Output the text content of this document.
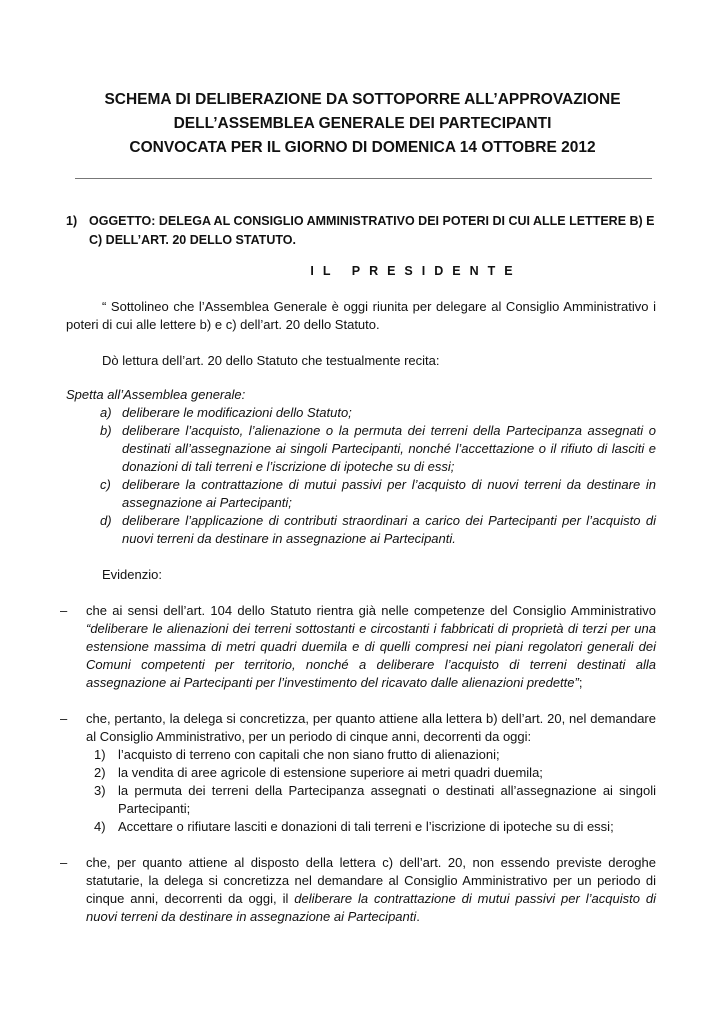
SCHEMA DI DELIBERAZIONE DA SOTTOPORRE ALL’APPROVAZIONE
DELL’ASSEMBLEA GENERALE DEI PARTECIPANTI
CONVOCATA PER IL GIORNO DI DOMENICA 14 OTTOBRE 2012
1) OGGETTO: DELEGA AL CONSIGLIO AMMINISTRATIVO DEI POTERI DI CUI ALLE LETTERE B) E C) DELL’ART. 20 DELLO STATUTO.
IL PRESIDENTE

“ Sottolineo che l’Assemblea Generale è oggi riunita per delegare al Consiglio Amministrativo i poteri di cui alle lettere b) e c) dell’art. 20 dello Statuto.

Dò lettura dell’art. 20 dello Statuto che testualmente recita:

Spetta all’Assemblea generale:

a) deliberare le modificazioni dello Statuto;
b) deliberare l’acquisto, l’alienazione o la permuta dei terreni della Partecipanza assegnati o destinati all’assegnazione ai singoli Partecipanti, nonché l’accettazione o il rifiuto di lasciti e donazioni di tali terreni e l’iscrizione di ipoteche su di essi;
c) deliberare la contrattazione di mutui passivi per l’acquisto di nuovi terreni da destinare in assegnazione ai Partecipanti;
d) deliberare l’applicazione di contributi straordinari a carico dei Partecipanti per l’acquisto di nuovi terreni da destinare in assegnazione ai Partecipanti.

Evidenzio:

–	che ai sensi dell’art. 104 dello Statuto rientra già nelle competenze del Consiglio Amministrativo “deliberare le alienazioni dei terreni sottostanti e circostanti i fabbricati di proprietà di terzi per una estensione massima di metri quadri duemila e di quelli compresi nei piani regolatori generali dei Comuni competenti per territorio, nonché a deliberare l’acquisto di terreni destinati alla assegnazione ai Partecipanti per l’investimento del ricavato dalle alienazioni predette”;
–	che, pertanto, la delega si concretizza, per quanto attiene alla lettera b) dell’art. 20, nel demandare al Consiglio Amministrativo, per un periodo di cinque anni, decorrenti da oggi:
1) l’acquisto di terreno con capitali che non siano frutto di alienazioni;
2) la vendita di aree agricole di estensione superiore ai metri quadri duemila;
3) la permuta dei terreni della Partecipanza assegnati o destinati all’assegnazione ai singoli Partecipanti;
4) Accettare o rifiutare lasciti e donazioni di tali terreni e l’iscrizione di ipoteche su di essi;
–	che, per quanto attiene al disposto della lettera c) dell’art. 20, non essendo previste deroghe statutarie, la delega si concretizza nel demandare al Consiglio Amministrativo per un periodo di cinque anni, decorrenti da oggi, il deliberare la contrattazione di mutui passivi per l’acquisto di nuovi terreni da destinare in assegnazione ai Partecipanti.
